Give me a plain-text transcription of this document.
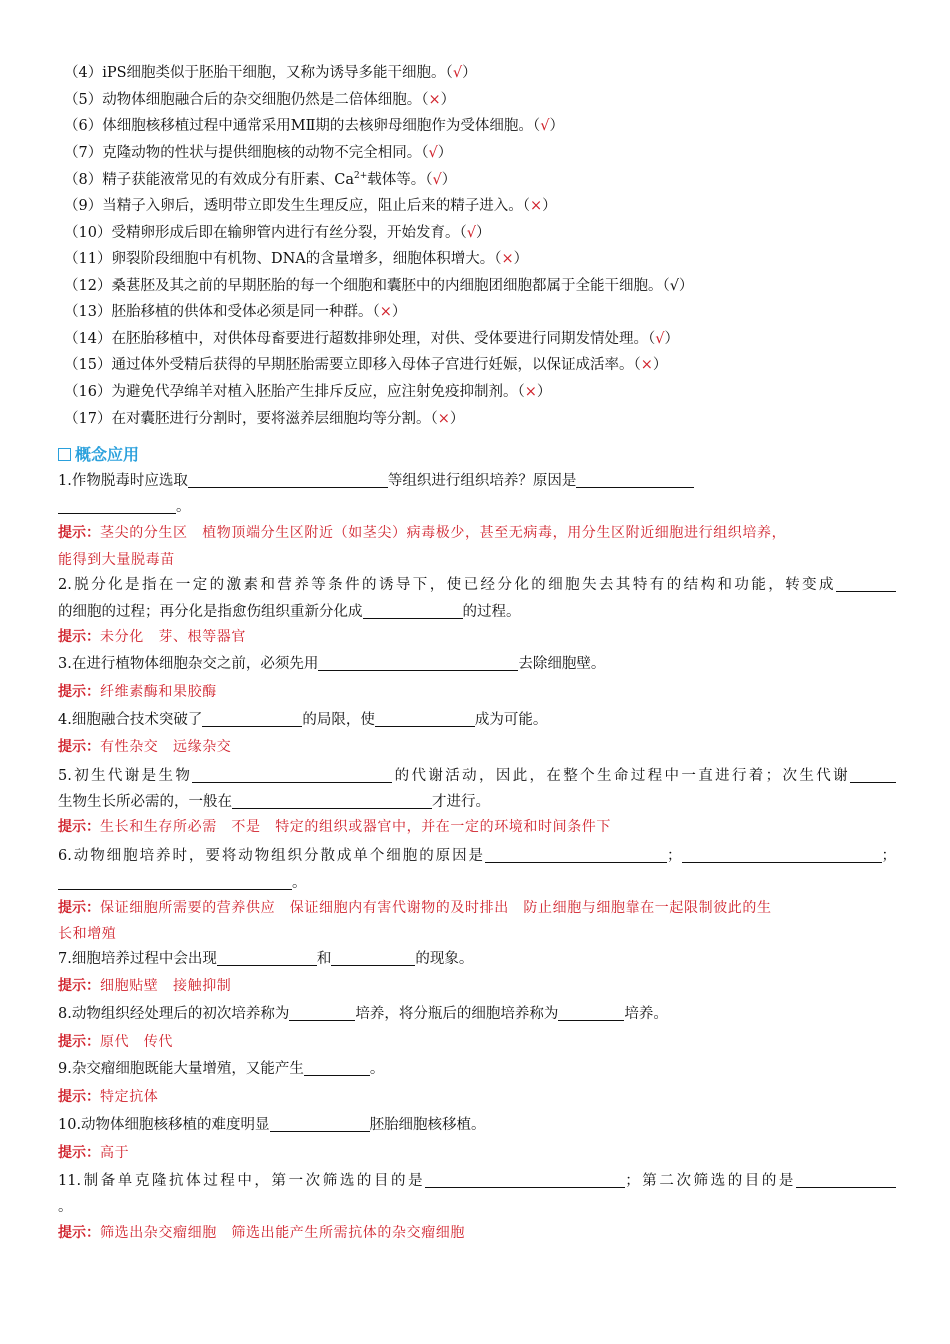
（4）iPS细胞类似于胚胎干细胞，又称为诱导多能干细胞。（√）
（5）动物体细胞融合后的杂交细胞仍然是二倍体细胞。（×）
（6）体细胞核移植过程中通常采用MⅡ期的去核卵母细胞作为受体细胞。（√）
（7）克隆动物的性状与提供细胞核的动物不完全相同。（√）
（8）精子获能液常见的有效成分有肝素、$Ca^{2+}$载体等。（√）
（9）当精子入卵后，透明带立即发生生理反应，阻止后来的精子进入。（×）
（10）受精卵形成后即在输卵管内进行有丝分裂，开始发育。（√）
（11）卵裂阶段细胞中有机物、DNA的含量增多，细胞体积增大。（×）
（12）桑葚胚及其之前的早期胚胎的每一个细胞和囊胚中的内细胞团细胞都属于全能干细胞。（√）
（13）胚胎移植的供体和受体必须是同一种群。（×）
（14）在胚胎移植中，对供体母畜要进行超数排卵处理，对供、受体要进行同期发情处理。（√）
（15）通过体外受精后获得的早期胚胎需要立即移入母体子宫进行妊娠，以保证成活率。（×）
（16）为避免代孕绵羊对植入胚胎产生排斥反应，应注射免疫抑制剂。（×）
（17）在对囊胚进行分割时，要将滋养层细胞均等分割。（×）
概念应用
1.作物脱毒时应选取	等组织进行组织培养？原因是
。
提示：茎尖的分生区　植物顶端分生区附近（如茎尖）病毒极少，甚至无病毒，用分生区附近细胞进行组织培养，
能得到大量脱毒苗
2.脱分化是指在一定的激素和营养等条件的诱导下，使已经分化的细胞失去其特有的结构和功能，转变成
的细胞的过程；再分化是指愈伤组织重新分化成	的过程。
提示：未分化　芽、根等器官
3.在进行植物体细胞杂交之前，必须先用	去除细胞壁。
提示：纤维素酶和果胶酶
4.细胞融合技术突破了	的局限，使	成为可能。
提示：有性杂交　远缘杂交
5.初生代谢是生物	的代谢活动，因此，在整个生命过程中一直进行着；次生代谢
生物生长所必需的，一般在	才进行。
提示：生长和生存所必需　不是　特定的组织或器官中，并在一定的环境和时间条件下
6.动物细胞培养时，要将动物组织分散成单个细胞的原因是	；	；
。
提示：保证细胞所需要的营养供应　保证细胞内有害代谢物的及时排出　防止细胞与细胞靠在一起限制彼此的生
长和增殖
7.细胞培养过程中会出现	和	的现象。
提示：细胞贴壁　接触抑制
8.动物组织经处理后的初次培养称为	培养，将分瓶后的细胞培养称为	培养。
提示：原代　传代
9.杂交瘤细胞既能大量增殖，又能产生	。
提示：特定抗体
10.动物体细胞核移植的难度明显	胚胎细胞核移植。
提示：高于
11.制备单克隆抗体过程中，第一次筛选的目的是	；第二次筛选的目的是
。
提示：筛选出杂交瘤细胞　筛选出能产生所需抗体的杂交瘤细胞
